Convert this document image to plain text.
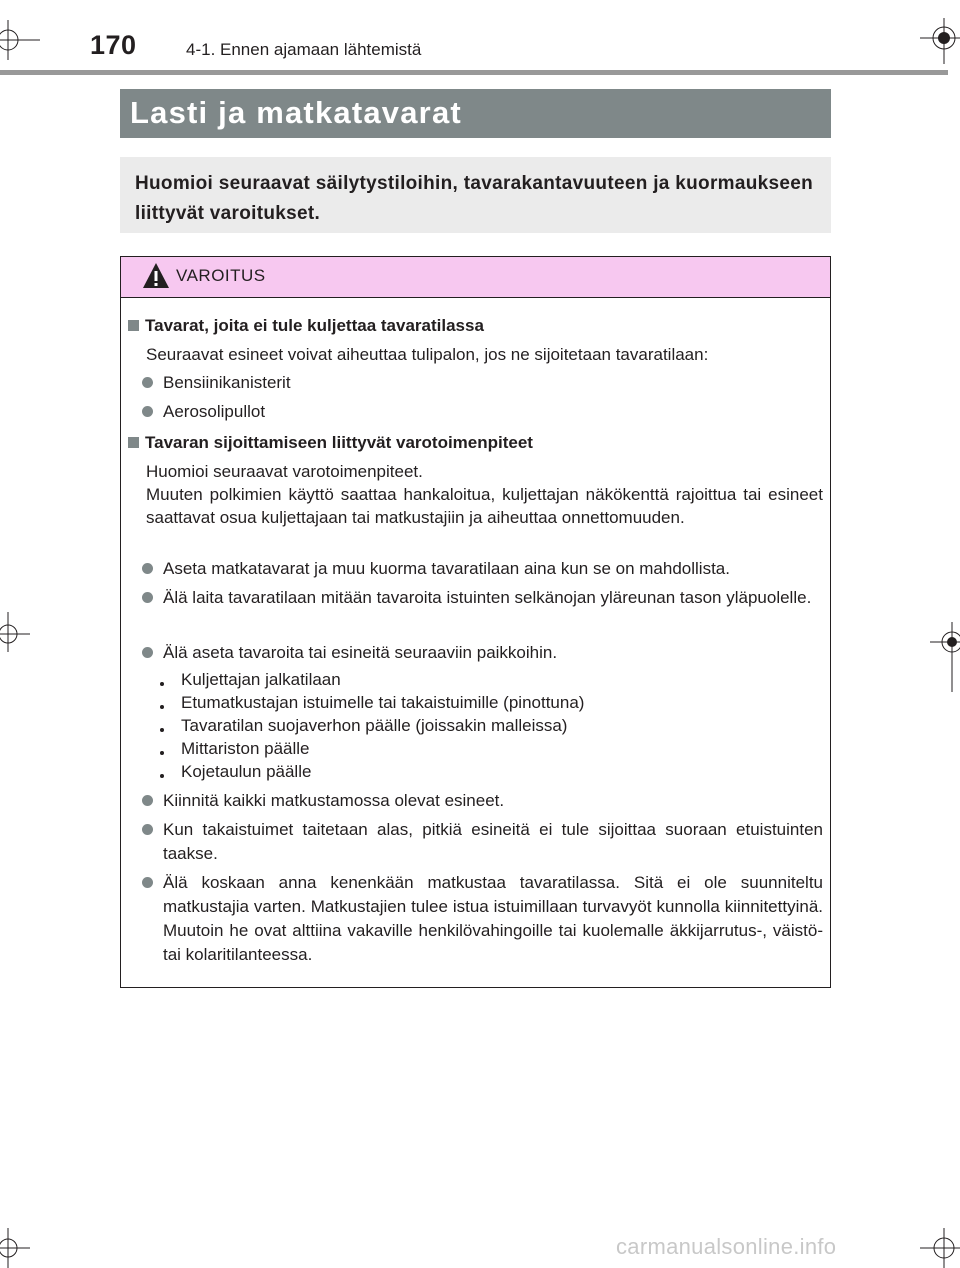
170	4-1. Ennen ajamaan lähtemistä
Lasti ja matkatavarat
Huomioi seuraavat säilytystiloihin, tavarakantavuuteen ja kuormaukseen liittyvät varoitukset.
VAROITUS
Tavarat, joita ei tule kuljettaa tavaratilassa
Seuraavat esineet voivat aiheuttaa tulipalon, jos ne sijoitetaan tavaratilaan:
Bensiinikanisterit
Aerosolipullot
Tavaran sijoittamiseen liittyvät varotoimenpiteet
Huomioi seuraavat varotoimenpiteet.
Muuten polkimien käyttö saattaa hankaloitua, kuljettajan näkökenttä rajoittua tai esineet saattavat osua kuljettajaan tai matkustajiin ja aiheuttaa onnettomuuden.
Aseta matkatavarat ja muu kuorma tavaratilaan aina kun se on mahdollista.
Älä laita tavaratilaan mitään tavaroita istuinten selkänojan yläreunan tason yläpuolelle.
Älä aseta tavaroita tai esineitä seuraaviin paikkoihin.
Kuljettajan jalkatilaan
Etumatkustajan istuimelle tai takaistuimille (pinottuna)
Tavaratilan suojaverhon päälle (joissakin malleissa)
Mittariston päälle
Kojetaulun päälle
Kiinnitä kaikki matkustamossa olevat esineet.
Kun takaistuimet taitetaan alas, pitkiä esineitä ei tule sijoittaa suoraan etuistuinten taakse.
Älä koskaan anna kenenkään matkustaa tavaratilassa. Sitä ei ole suunniteltu matkustajia varten. Matkustajien tulee istua istuimillaan turvavyöt kunnolla kiinnitettyinä. Muutoin he ovat alttiina vakaville henkilövahingoille tai kuolemalle äkkijarrutus-, väistö- tai kolaritilanteessa.
carmanualsonline.info
